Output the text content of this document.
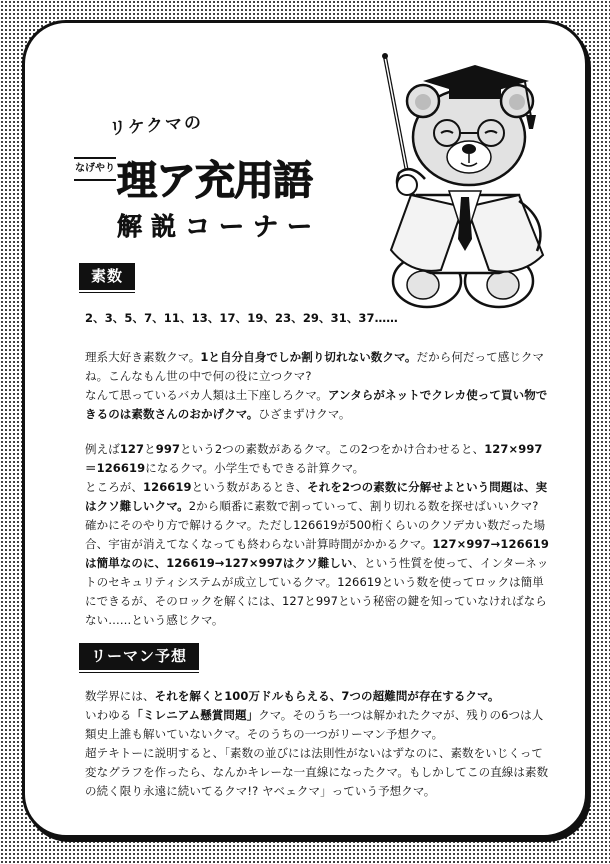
リケクマの
なげやり 理ア充用語
解説コーナー
素数

2、3、5、7、11、13、17、19、23、29、31、37……

理系大好き素数クマ。1と自分自身でしか割り切れない数クマ。だから何だって感じクマね。こんなもん世の中で何の役に立つクマ?

なんて思っているバカ人類は土下座しろクマ。アンタらがネットでクレカ使って買い物できるのは素数さんのおかげクマ。ひざまずけクマ。

例えば127と997という2つの素数があるクマ。この2つをかけ合わせると、127×997＝126619になるクマ。小学生でもできる計算クマ。

ところが、126619という数があるとき、それを2つの素数に分解せよという問題は、実はクソ難しいクマ。2から順番に素数で割っていって、割り切れる数を探せばいいクマ? 確かにそのやり方で解けるクマ。ただし126619が500桁くらいのクソデカい数だった場合、宇宙が消えてなくなっても終わらない計算時間がかかるクマ。127×997→126619は簡単なのに、126619→127×997はクソ難しい、という性質を使って、インターネットのセキュリティシステムが成立しているクマ。126619という数を使ってロックは簡単にできるが、そのロックを解くには、127と997という秘密の鍵を知っていなければならない……という感じクマ。

リーマン予想

数学界には、それを解くと100万ドルもらえる、7つの超難問が存在するクマ。

いわゆる「ミレニアム懸賞問題」クマ。そのうち一つは解かれたクマが、残りの6つは人類史上誰も解いていないクマ。そのうちの一つがリーマン予想クマ。

超テキトーに説明すると、「素数の並びには法則性がないはずなのに、素数をいじくって変なグラフを作ったら、なんかキレーな一直線になったクマ。もしかしてこの直線は素数の続く限り永遠に続いてるクマ!? ヤベェクマ」っていう予想クマ。
